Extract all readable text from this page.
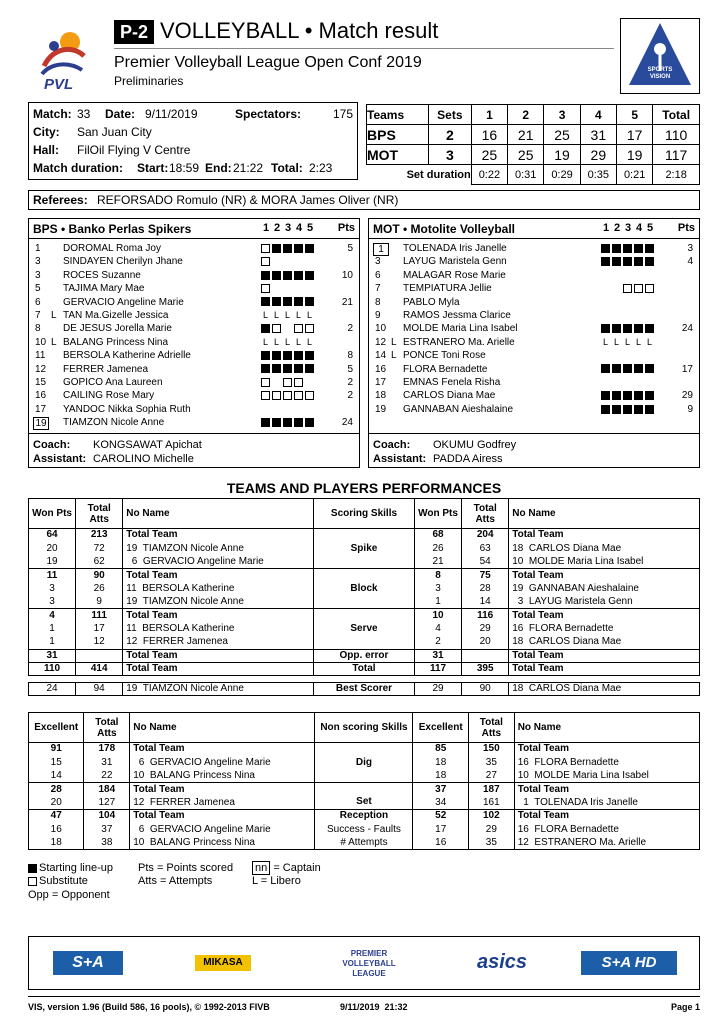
PVL
P-2 VOLLEYBALL • Match result
Premier Volleyball League Open Conf 2019
Preliminaries
SPORTS VISION
Match: 33 Date: 9/11/2019	Spectators:	175
City: San Juan City
Hall: FilOil Flying V Centre
Match duration: Start: 18:59 End: 21:22 Total: 2:23
Teams	Sets	1	2	3	4	5	Total
BPS	2	16	21	25	31	17	110
MOT	3	25	25	19	29	19	117
Set duration		0:22	0:31	0:29	0:35	0:21	2:18
Referees: REFORSADO Romulo (NR) & MORA James Oliver (NR)
BPS • Banko Perlas Spikers	1 2 3 4 5	Pts
1	DOROMAL Roma Joy	5
3	SINDAYEN Cherilyn Jhane
3	ROCES Suzanne	10
5	TAJIMA Mary Mae
6	GERVACIO Angeline Marie	21
7	L TAN Ma.Gizelle Jessica	L L L L L
8	DE JESUS Jorella Marie	2
10 L BALANG Princess Nina	L L L L L
11	BERSOLA Katherine Adrielle	8
12	FERRER Jamenea	5
15	GOPICO Ana Laureen	2
16	CAILING Rose Mary	2
17	YANDOC Nikka Sophia Ruth
19 TIAMZON Nicole Anne	24
Coach: KONGSAWAT Apichat
Assistant: CAROLINO Michelle
MOT • Motolite Volleyball	1 2 3 4 5	Pts
1	TOLENADA Iris Janelle	3
3	LAYUG Maristela Genn	4
6	MALAGAR Rose Marie
7	TEMPIATURA Jellie
8	PABLO Myla
9	RAMOS Jessma Clarice
10	MOLDE Maria Lina Isabel	24
12 L ESTRANERO Ma. Arielle	L L L L L
14 L PONCE Toni Rose
16	FLORA Bernadette	17
17	EMNAS Fenela Risha
18	CARLOS Diana Mae	29
19	GANNABAN Aieshalaine	9
Coach: OKUMU Godfrey
Assistant: PADDA Airess
TEAMS AND PLAYERS PERFORMANCES
Won Pts	Total Atts	No Name	Scoring Skills	Won Pts	Total Atts	No Name
64	213	Total Team		68	204	Total Team
20	72	19  TIAMZON Nicole Anne	Spike	26	63	18  CARLOS Diana Mae
19	62	6  GERVACIO Angeline Marie		21	54	10  MOLDE Maria Lina Isabel
11	90	Total Team		8	75	Total Team
3	26	11  BERSOLA Katherine	Block	3	28	19  GANNABAN Aieshalaine
3	9	19  TIAMZON Nicole Anne		1	14	3  LAYUG Maristela Genn
4	111	Total Team		10	116	Total Team
1	17	11  BERSOLA Katherine	Serve	4	29	16  FLORA Bernadette
1	12	12  FERRER Jamenea		2	20	18  CARLOS Diana Mae
31		Total Team	Opp. error	31		Total Team
110	414	Total Team	Total	117	395	Total Team

24	94	19  TIAMZON Nicole Anne	Best Scorer	29	90	18  CARLOS Diana Mae
Excellent	Total Atts	No Name	Non scoring Skills	Excellent	Total Atts	No Name
91	178	Total Team		85	150	Total Team
15	31	6  GERVACIO Angeline Marie	Dig	18	35	16  FLORA Bernadette
14	22	10  BALANG Princess Nina		18	27	10  MOLDE Maria Lina Isabel
28	184	Total Team		37	187	Total Team
20	127	12  FERRER Jamenea	Set	34	161	1  TOLENADA Iris Janelle
47	104	Total Team	Reception	52	102	Total Team
16	37	6  GERVACIO Angeline Marie	Success - Faults	17	29	16  FLORA Bernadette
18	38	10  BALANG Princess Nina	# Attempts	16	35	12  ESTRANERO Ma. Arielle

Starting line-up
Substitute
Opp = Opponent
Pts = Points scored
Atts = Attempts
nn = Captain
L = Libero
S+A	MIKASA
PREMIER VOLLEYBALL LEAGUE
asics	S+A HD
VIS, version 1.96 (Build 586, 16 pools), © 1992-2013 FIVB	9/11/2019  21:32	Page 1
